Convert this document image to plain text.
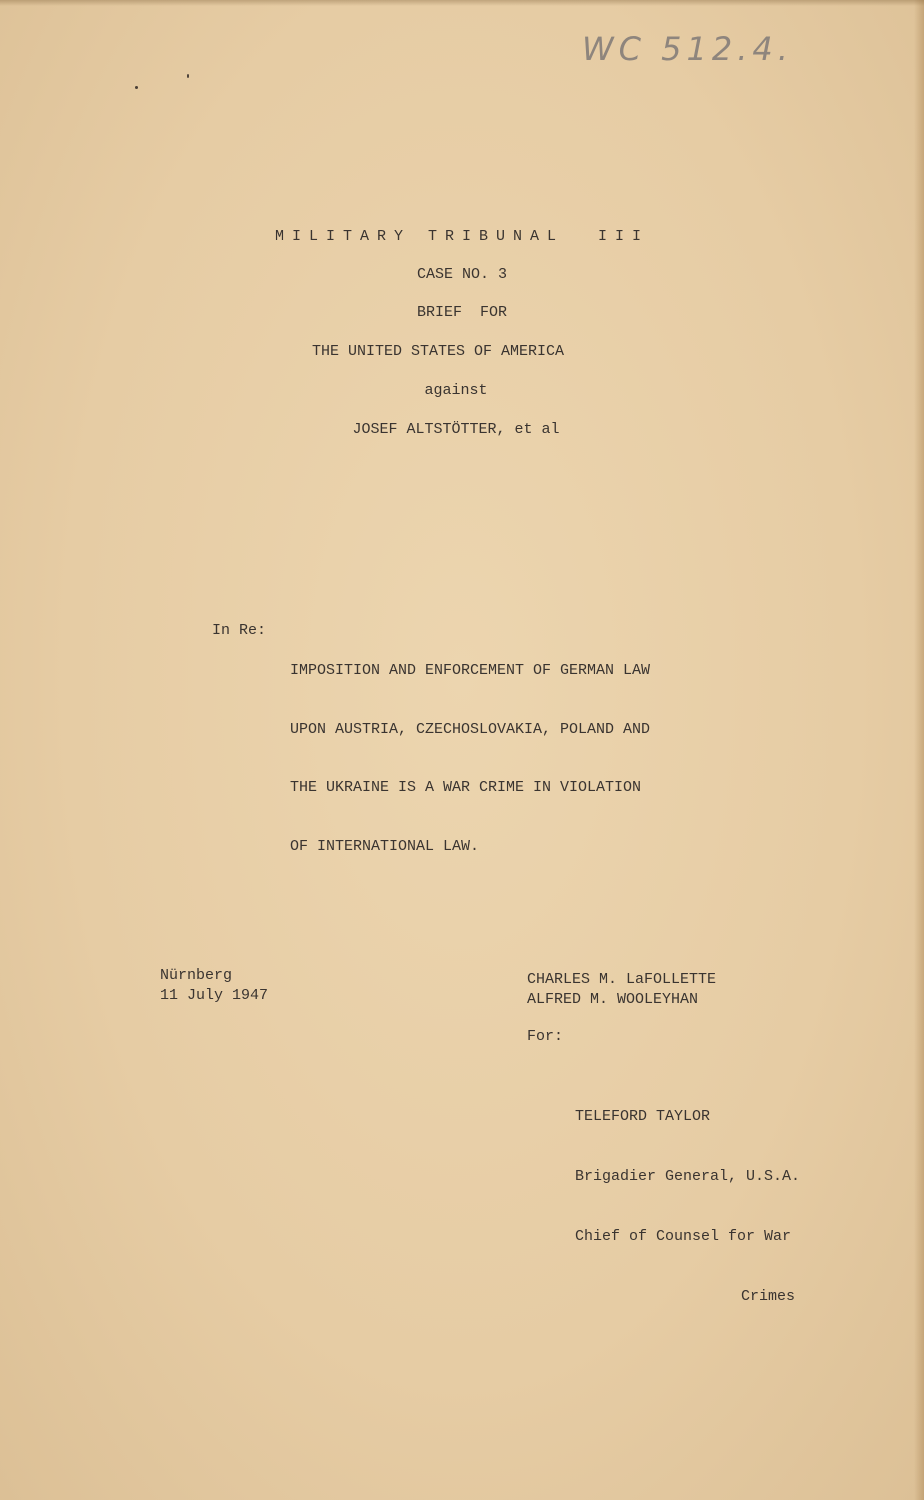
WC 512.4.
MILITARY TRIBUNAL  III
CASE NO. 3
BRIEF  FOR
THE UNITED STATES OF AMERICA
against
JOSEF ALTSTÖTTER, et al
In Re:

IMPOSITION AND ENFORCEMENT OF GERMAN LAW

UPON AUSTRIA, CZECHOSLOVAKIA, POLAND AND

THE UKRAINE IS A WAR CRIME IN VIOLATION

OF INTERNATIONAL LAW.

Nürnberg
11 July 1947
CHARLES M. LaFOLLETTE
ALFRED M. WOOLEYHAN
For:

TELEFORD TAYLOR

Brigadier General, U.S.A.

Chief of Counsel for War

Crimes
